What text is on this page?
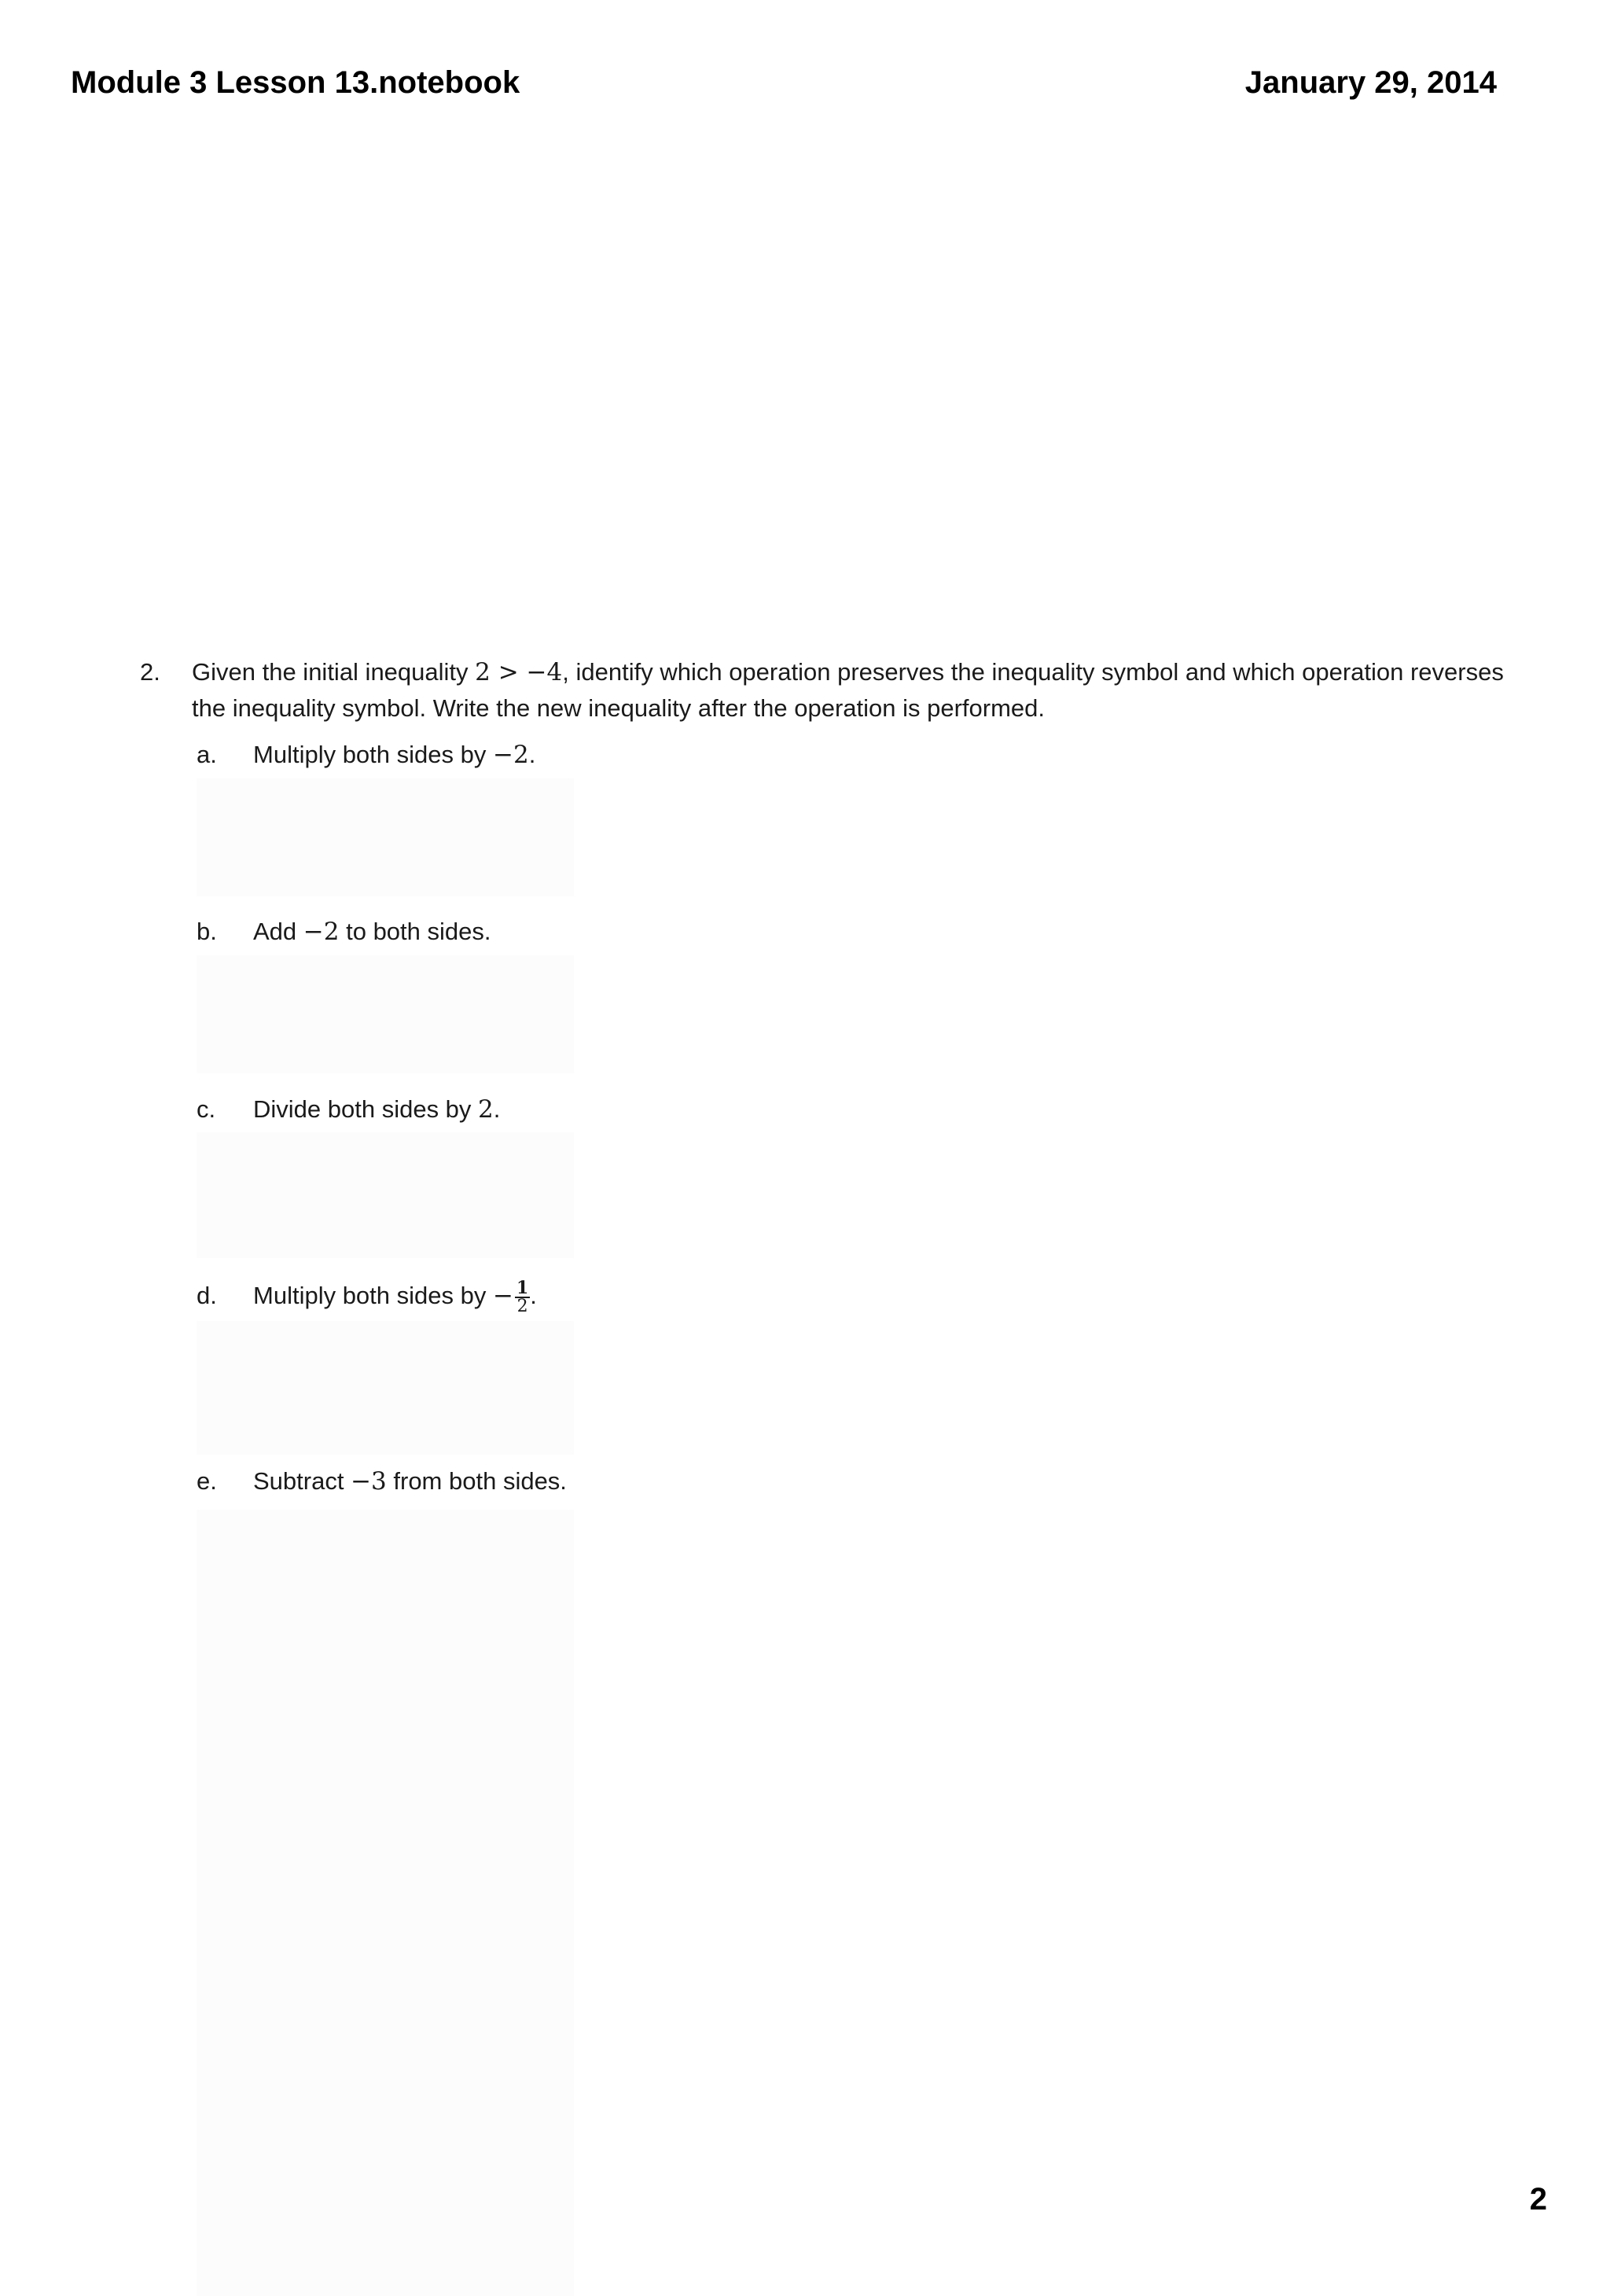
Module 3 Lesson 13.notebook	January 29, 2014
2. Given the initial inequality 2 > −4, identify which operation preserves the inequality symbol and which operation reverses the inequality symbol. Write the new inequality after the operation is performed.
a. Multiply both sides by −2.
b. Add −2 to both sides.
c. Divide both sides by 2.
d. Multiply both sides by − $\frac{1}{2}$ .
e. Subtract −3 from both sides.
2
